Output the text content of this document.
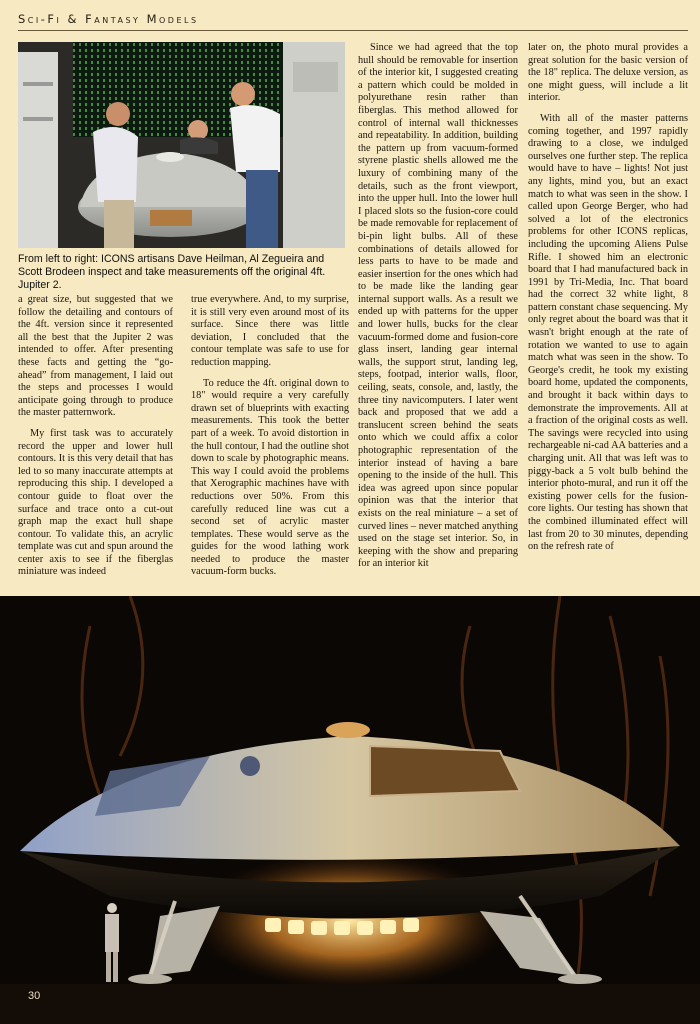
Sci-Fi & Fantasy Models
From left to right: ICONS artisans Dave Heilman, Al Zegueira and Scott Brodeen inspect and take measurements off the original 4ft. Jupiter 2.

a great size, but suggested that we follow the detailing and contours of the 4ft. version since it represented all the best that the Jupiter 2 was intended to offer. After presenting these facts and getting the “go-ahead” from management, I laid out the steps and processes I would anticipate going through to produce the master patternwork.

My first task was to accurately record the upper and lower hull contours. It is this very detail that has led to so many inaccurate attempts at reproducing this ship. I developed a contour guide to float over the surface and trace onto a cut-out graph map the exact hull shape contour. To validate this, an acrylic template was cut and spun around the center axis to see if the fiberglas miniature was indeed

true everywhere. And, to my surprise, it is still very even around most of its surface. Since there was little deviation, I concluded that the contour template was safe to use for reduction mapping.

To reduce the 4ft. original down to 18" would require a very carefully drawn set of blueprints with exacting measurements. This took the better part of a week. To avoid distortion in the hull contour, I had the outline shot down to scale by photographic means. This way I could avoid the problems that Xerographic machines have with reductions over 50%. From this carefully reduced line was cut a second set of acrylic master templates. These would serve as the guides for the wood lathing work needed to produce the master vacuum-form bucks.

Since we had agreed that the top hull should be removable for insertion of the interior kit, I suggested creating a pattern which could be molded in polyurethane resin rather than fiberglas. This method allowed for control of internal wall thicknesses and repeatability. In addition, building the pattern up from vacuum-formed styrene plastic shells allowed me the luxury of combining many of the details, such as the front viewport, into the upper hull. Into the lower hull I placed slots so the fusion-core could be made removable for replacement of bi-pin light bulbs. All of these combinations of details allowed for less parts to have to be made and easier insertion for the ones which had to be made like the landing gear internal support walls. As a result we ended up with patterns for the upper and lower hulls, bucks for the clear vacuum-formed dome and fusion-core glass insert, landing gear internal walls, the support strut, landing leg, steps, footpad, interior walls, floor, ceiling, seats, console, and, lastly, the three tiny navicomputers. I later went back and proposed that we add a translucent screen behind the seats onto which we could affix a color photographic representation of the interior instead of having a bare opening to the inside of the hull. This idea was agreed upon since popular opinion was that the interior that exists on the real miniature – a set of curved lines – never matched anything used on the stage set interior. So, in keeping with the show and preparing for an interior kit

later on, the photo mural provides a great solution for the basic version of the 18" replica. The deluxe version, as one might guess, will include a lit interior.

With all of the master patterns coming together, and 1997 rapidly drawing to a close, we indulged ourselves one further step. The replica would have to have – lights! Not just any lights, mind you, but an exact match to what was seen in the show. I called upon George Berger, who had solved a lot of the electronics problems for other ICONS replicas, including the upcoming Aliens Pulse Rifle. I showed him an electronic board that I had manufactured back in 1991 by Tri-Media, Inc. That board had the correct 32 white light, 8 pattern constant chase sequencing. My only regret about the board was that it wasn't bright enough at the rate of rotation we wanted to use to again match what was seen in the show. To George's credit, he took my existing board home, updated the components, and brought it back within days to demonstrate the improvements. All at a fraction of the original costs as well. The savings were recycled into using rechargeable ni-cad AA batteries and a charging unit. All that was left was to piggy-back a 5 volt bulb behind the interior photo-mural, and run it off the existing power cells for the fusion-core lights. Our testing has shown that the combined illuminated effect will last from 20 to 30 minutes, depending on the refresh rate of

30
